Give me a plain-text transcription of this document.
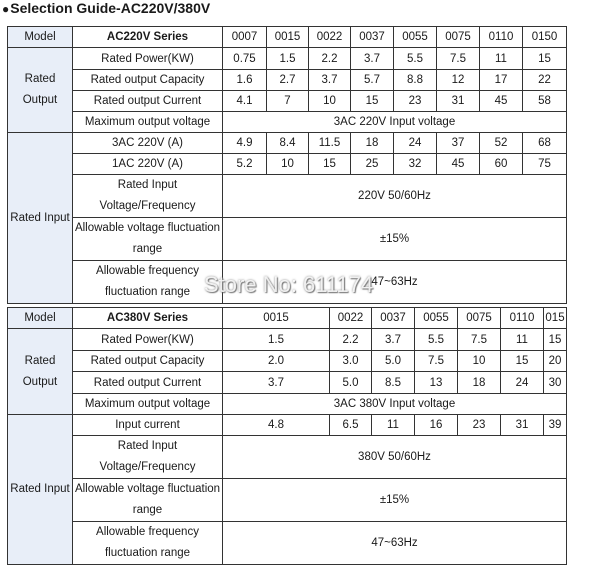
●Selection Guide-AC220V/380V
Model	AC220V Series	0007	0015	0022	0037	0055	0075	0110	0150
Rated Output	Rated Power(KW)	0.75	1.5	2.2	3.7	5.5	7.5	11	15
	Rated output Capacity	1.6	2.7	3.7	5.7	8.8	12	17	22
	Rated output Current	4.1	7	10	15	23	31	45	58
	Maximum output voltage	3AC 220V Input voltage							
Rated Input	3AC 220V (A)	4.9	8.4	11.5	18	24	37	52	68
	1AC 220V (A)	5.2	10	15	25	32	45	60	75
	Rated Input Voltage/Frequency	220V 50/60Hz							
	Allowable voltage fluctuation range	±15%							
	Allowable frequency fluctuation range	47~63Hz							
Model	AC380V Series	0015	0022	0037	0055	0075	0110	015
Rated Output	Rated Power(KW)	1.5	2.2	3.7	5.5	7.5	11	15
	Rated output Capacity	2.0	3.0	5.0	7.5	10	15	20
	Rated output Current	3.7	5.0	8.5	13	18	24	30
	Maximum output voltage	3AC 380V Input voltage						
Rated Input	Input current	4.8	6.5	11	16	23	31	39
	Rated Input Voltage/Frequency	380V 50/60Hz						
	Allowable voltage fluctuation range	±15%						
	Allowable frequency fluctuation range	47~63Hz						
Store No: 611174
